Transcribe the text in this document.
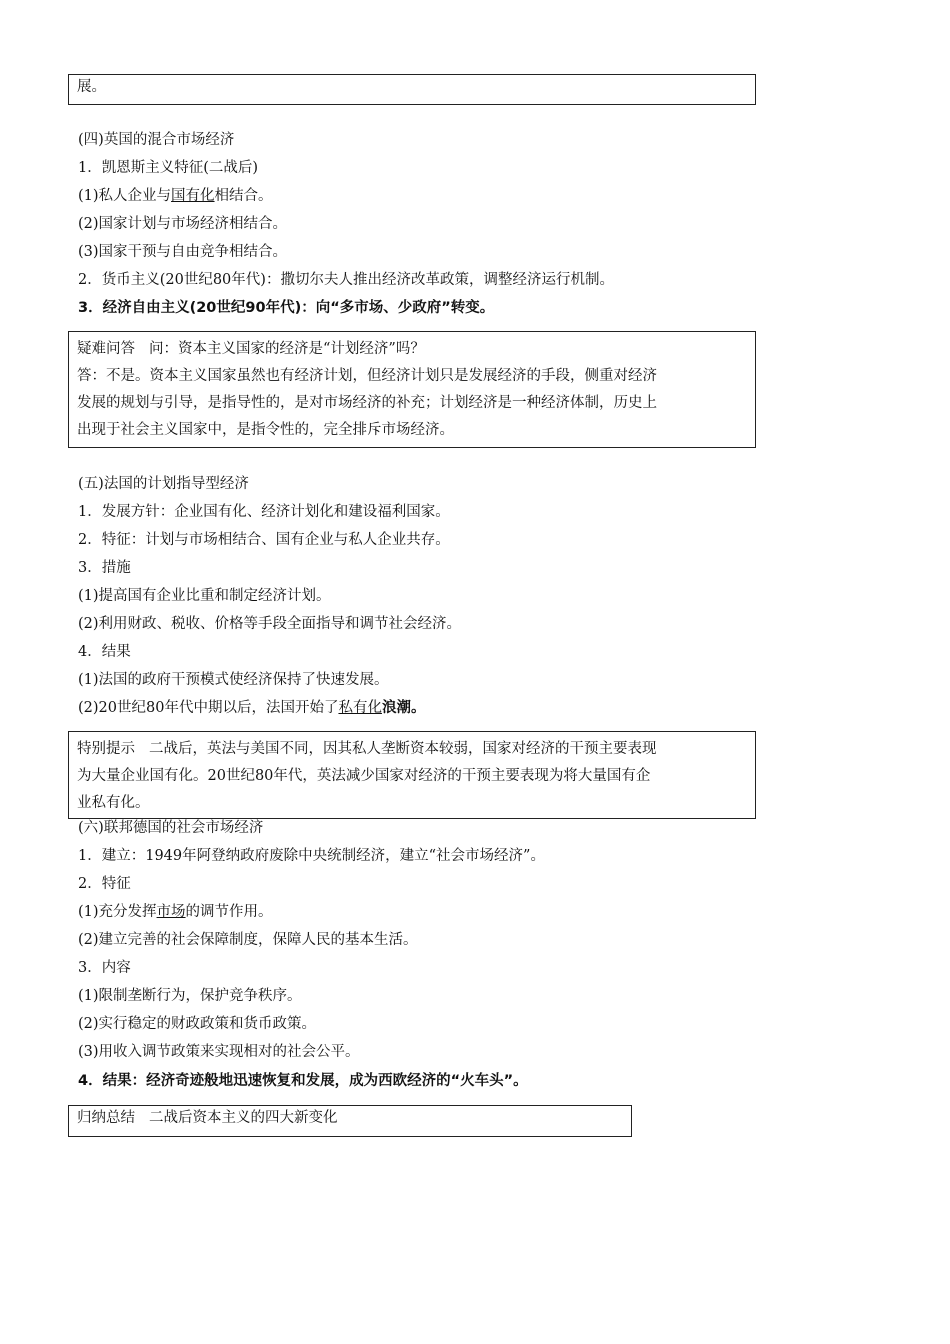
展。
(四)英国的混合市场经济
1．凯恩斯主义特征(二战后)
(1)私人企业与国有化相结合。
(2)国家计划与市场经济相结合。
(3)国家干预与自由竞争相结合。
2．货币主义(20世纪80年代)：撒切尔夫人推出经济改革政策，调整经济运行机制。
3．经济自由主义(20世纪90年代)：向“多市场、少政府”转变。
疑难问答 问：资本主义国家的经济是“计划经济”吗？
答：不是。资本主义国家虽然也有经济计划，但经济计划只是发展经济的手段，侧重对经济
发展的规划与引导，是指导性的，是对市场经济的补充；计划经济是一种经济体制，历史上
出现于社会主义国家中，是指令性的，完全排斥市场经济。
(五)法国的计划指导型经济
1．发展方针：企业国有化、经济计划化和建设福利国家。
2．特征：计划与市场相结合、国有企业与私人企业共存。
3．措施
(1)提高国有企业比重和制定经济计划。
(2)利用财政、税收、价格等手段全面指导和调节社会经济。
4．结果
(1)法国的政府干预模式使经济保持了快速发展。
(2)20世纪80年代中期以后，法国开始了私有化浪潮。
特别提示 二战后，英法与美国不同，因其私人垄断资本较弱，国家对经济的干预主要表现
为大量企业国有化。20世纪80年代，英法减少国家对经济的干预主要表现为将大量国有企
业私有化。
(六)联邦德国的社会市场经济
1．建立：1949年阿登纳政府废除中央统制经济，建立“社会市场经济”。
2．特征
(1)充分发挥市场的调节作用。
(2)建立完善的社会保障制度，保障人民的基本生活。
3．内容
(1)限制垄断行为，保护竞争秩序。
(2)实行稳定的财政政策和货币政策。
(3)用收入调节政策来实现相对的社会公平。
4．结果：经济奇迹般地迅速恢复和发展，成为西欧经济的“火车头”。
归纳总结 二战后资本主义的四大新变化
